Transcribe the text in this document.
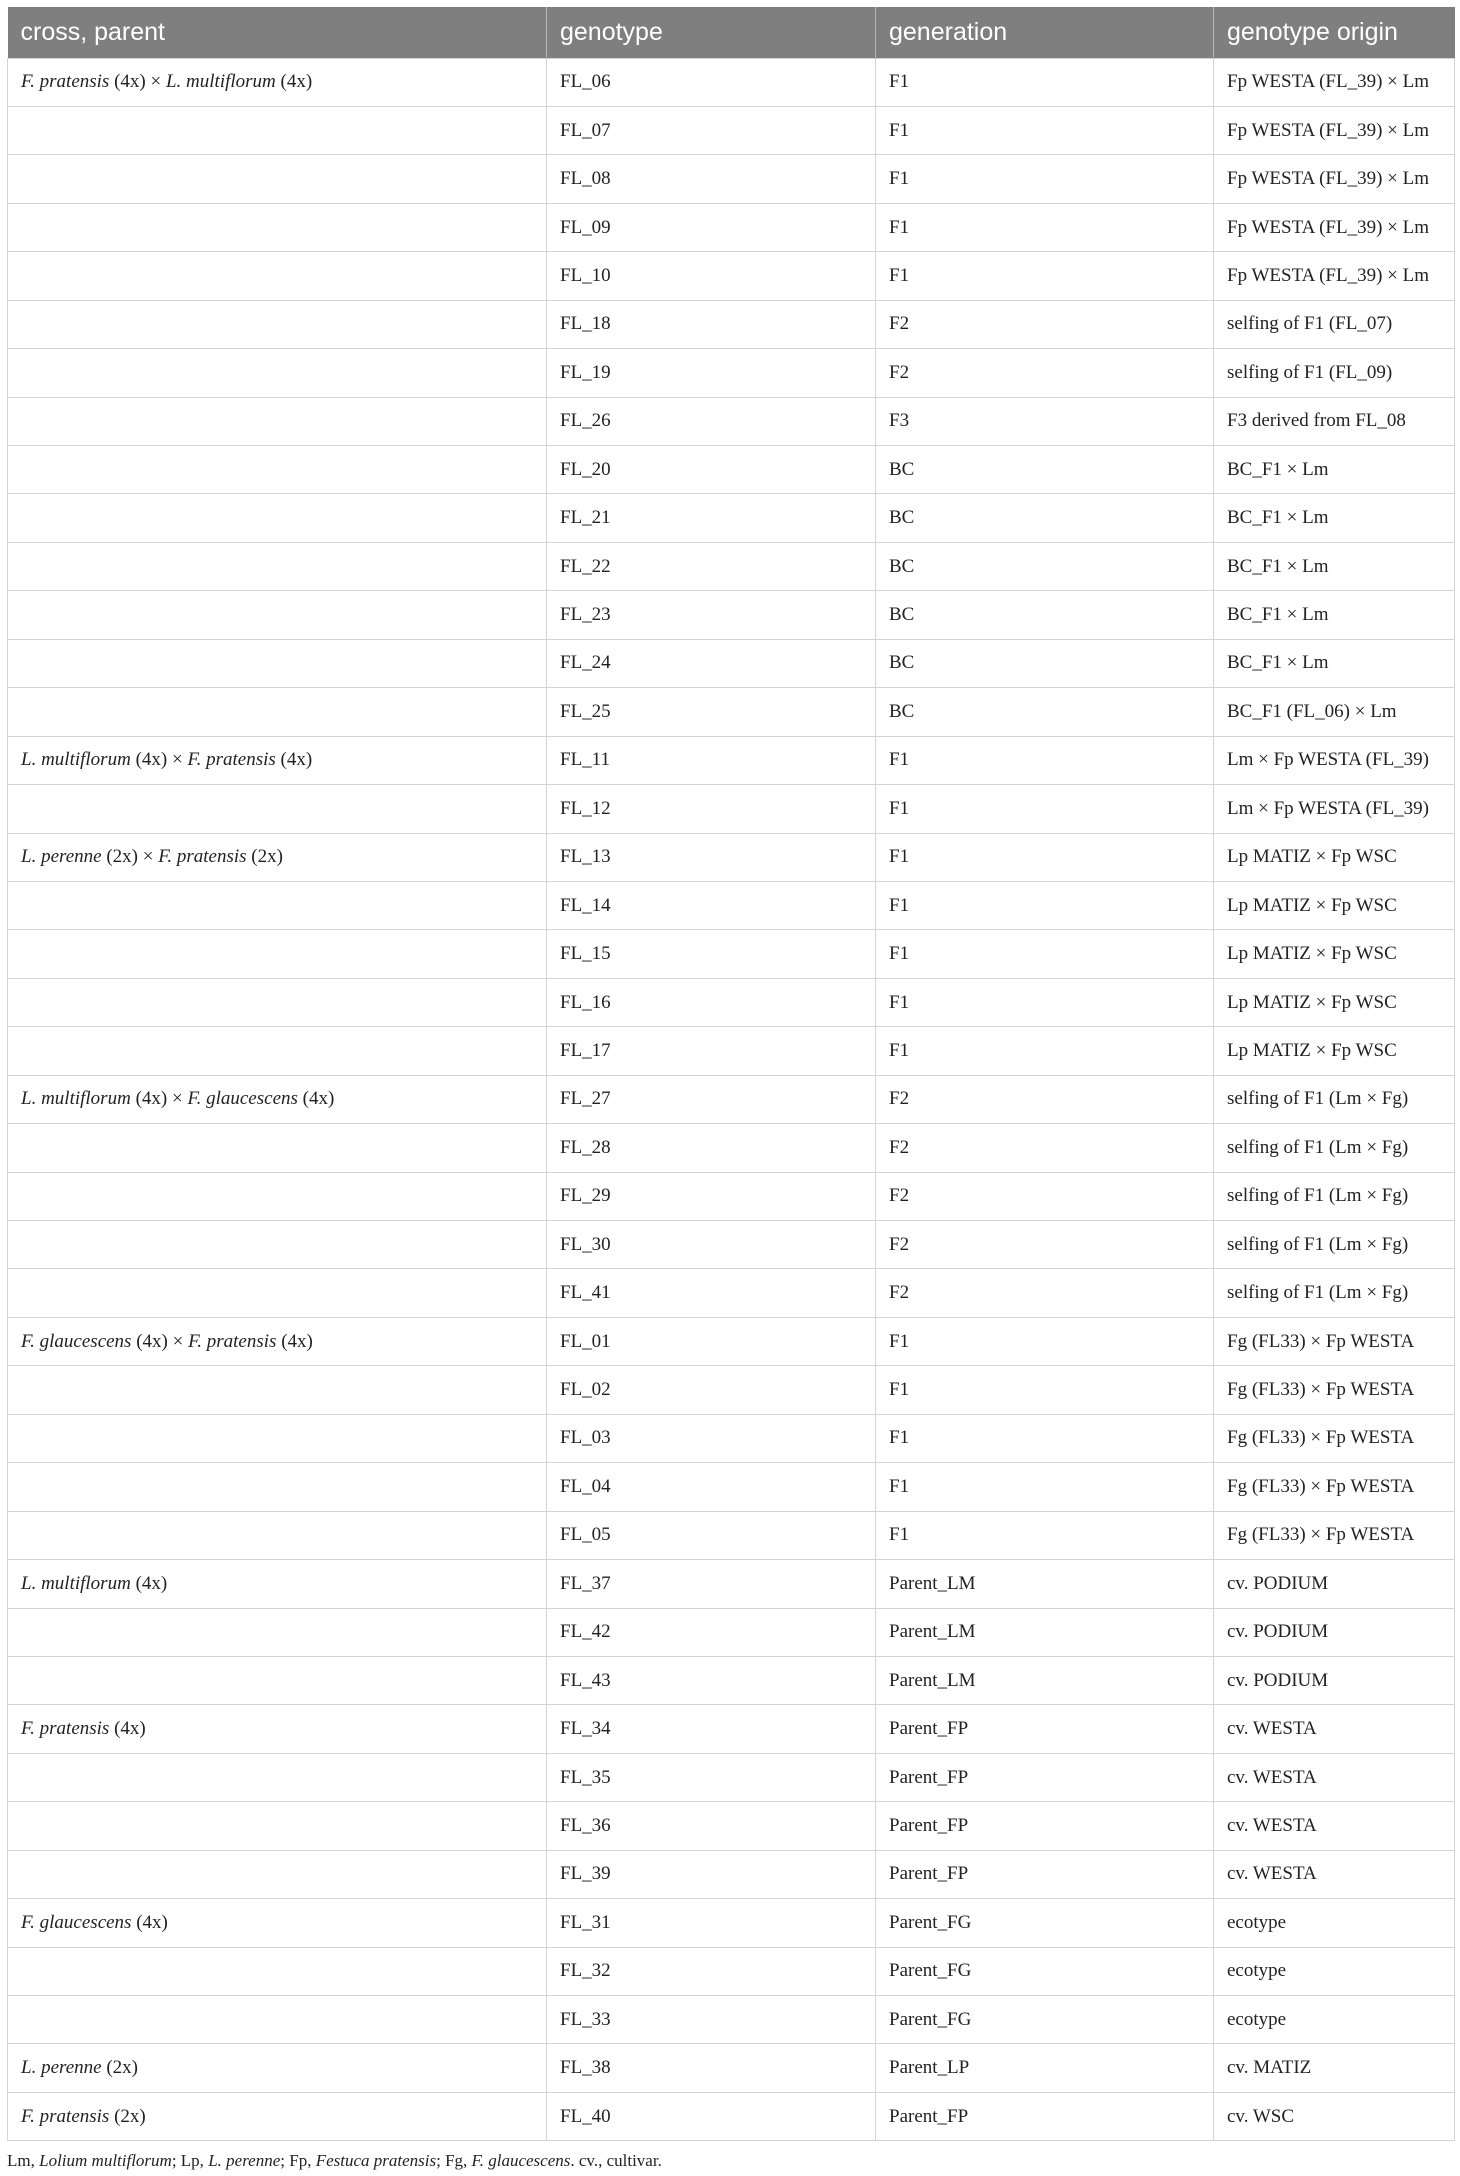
cross, parent	genotype	generation	genotype origin
F. pratensis (4x) × L. multiflorum (4x)	FL_06	F1	Fp WESTA (FL_39) × Lm
	FL_07	F1	Fp WESTA (FL_39) × Lm
	FL_08	F1	Fp WESTA (FL_39) × Lm
	FL_09	F1	Fp WESTA (FL_39) × Lm
	FL_10	F1	Fp WESTA (FL_39) × Lm
	FL_18	F2	selfing of F1 (FL_07)
	FL_19	F2	selfing of F1 (FL_09)
	FL_26	F3	F3 derived from FL_08
	FL_20	BC	BC_F1 × Lm
	FL_21	BC	BC_F1 × Lm
	FL_22	BC	BC_F1 × Lm
	FL_23	BC	BC_F1 × Lm
	FL_24	BC	BC_F1 × Lm
	FL_25	BC	BC_F1 (FL_06) × Lm
L. multiflorum (4x) × F. pratensis (4x)	FL_11	F1	Lm × Fp WESTA (FL_39)
	FL_12	F1	Lm × Fp WESTA (FL_39)
L. perenne (2x) × F. pratensis (2x)	FL_13	F1	Lp MATIZ × Fp WSC
	FL_14	F1	Lp MATIZ × Fp WSC
	FL_15	F1	Lp MATIZ × Fp WSC
	FL_16	F1	Lp MATIZ × Fp WSC
	FL_17	F1	Lp MATIZ × Fp WSC
L. multiflorum (4x) × F. glaucescens (4x)	FL_27	F2	selfing of F1 (Lm × Fg)
	FL_28	F2	selfing of F1 (Lm × Fg)
	FL_29	F2	selfing of F1 (Lm × Fg)
	FL_30	F2	selfing of F1 (Lm × Fg)
	FL_41	F2	selfing of F1 (Lm × Fg)
F. glaucescens (4x) × F. pratensis (4x)	FL_01	F1	Fg (FL33) × Fp WESTA
	FL_02	F1	Fg (FL33) × Fp WESTA
	FL_03	F1	Fg (FL33) × Fp WESTA
	FL_04	F1	Fg (FL33) × Fp WESTA
	FL_05	F1	Fg (FL33) × Fp WESTA
L. multiflorum (4x)	FL_37	Parent_LM	cv. PODIUM
	FL_42	Parent_LM	cv. PODIUM
	FL_43	Parent_LM	cv. PODIUM
F. pratensis (4x)	FL_34	Parent_FP	cv. WESTA
	FL_35	Parent_FP	cv. WESTA
	FL_36	Parent_FP	cv. WESTA
	FL_39	Parent_FP	cv. WESTA
F. glaucescens (4x)	FL_31	Parent_FG	ecotype
	FL_32	Parent_FG	ecotype
	FL_33	Parent_FG	ecotype
L. perenne (2x)	FL_38	Parent_LP	cv. MATIZ
F. pratensis (2x)	FL_40	Parent_FP	cv. WSC
Lm, Lolium multiflorum; Lp, L. perenne; Fp, Festuca pratensis; Fg, F. glaucescens. cv., cultivar.
